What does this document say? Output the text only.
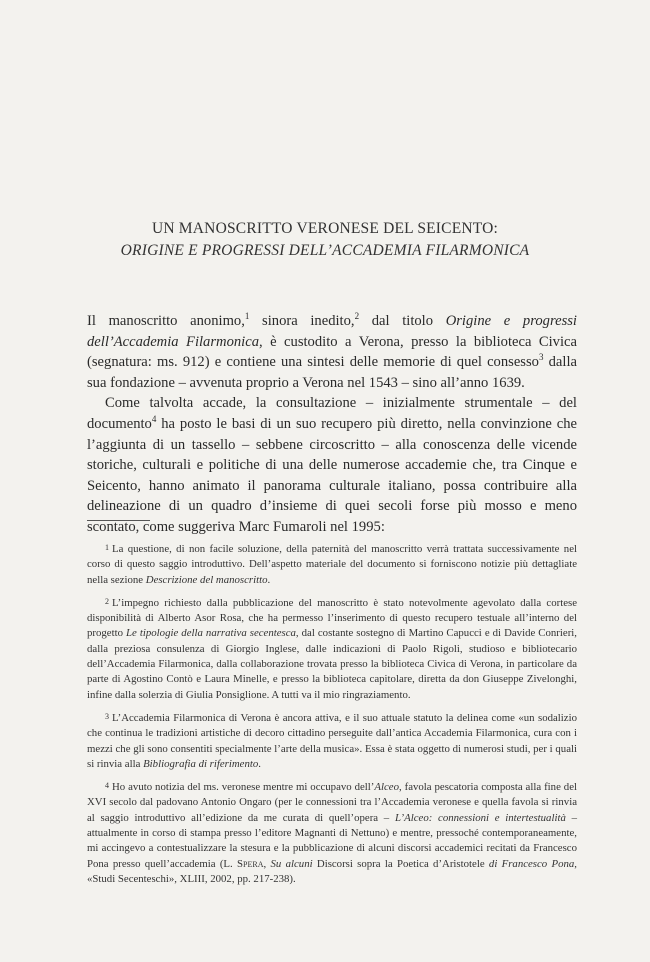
UN MANOSCRITTO VERONESE DEL SEICENTO:
ORIGINE E PROGRESSI DELL’ACCADEMIA FILARMONICA

Il manoscritto anonimo,$^1$ sinora inedito,$^2$ dal titolo Origine e progressi dell’Accademia Filarmonica, è custodito a Verona, presso la biblioteca Civica (segnatura: ms. 912) e contiene una sintesi delle memorie di quel consesso$^3$ dalla sua fondazione – avvenuta proprio a Verona nel 1543 – sino all’anno 1639.

Come talvolta accade, la consultazione – inizialmente strumentale – del documento$^4$ ha posto le basi di un suo recupero più diretto, nella convinzione che l’aggiunta di un tassello – sebbene circoscritto – alla conoscenza delle vicende storiche, culturali e politiche di una delle numerose accademie che, tra Cinque e Seicento, hanno animato il panorama culturale italiano, possa contribuire alla delineazione di un quadro d’insieme di quei secoli forse più mosso e meno scontato, come suggeriva Marc Fumaroli nel 1995:

1 La questione, di non facile soluzione, della paternità del manoscritto verrà trattata successivamente nel corso di questo saggio introduttivo. Dell’aspetto materiale del documento si forniscono notizie più dettagliate nella sezione Descrizione del manoscritto.

2 L’impegno richiesto dalla pubblicazione del manoscritto è stato notevolmente agevolato dalla cortese disponibilità di Alberto Asor Rosa, che ha permesso l’inserimento di questo recupero testuale all’interno del progetto Le tipologie della narrativa secentesca, dal costante sostegno di Martino Capucci e di Davide Conrieri, dalla preziosa consulenza di Giorgio Inglese, dalle indicazioni di Paolo Rigoli, studioso e bibliotecario dell’Accademia Filarmonica, dalla collaborazione trovata presso la biblioteca Civica di Verona, in particolare da parte di Agostino Contò e Laura Minelle, e presso la biblioteca capitolare, diretta da don Giuseppe Zivelonghi, infine dalla solerzia di Giulia Ponsiglione. A tutti va il mio ringraziamento.

3 L’Accademia Filarmonica di Verona è ancora attiva, e il suo attuale statuto la delinea come «un sodalizio che continua le tradizioni artistiche di decoro cittadino perseguite dall’antica Accademia Filarmonica, cura con i mezzi che gli sono consentiti specialmente l’arte della musica». Essa è stata oggetto di numerosi studi, per i quali si rinvia alla Bibliografia di riferimento.

4 Ho avuto notizia del ms. veronese mentre mi occupavo dell’Alceo, favola pescatoria composta alla fine del XVI secolo dal padovano Antonio Ongaro (per le connessioni tra l’Accademia veronese e quella favola si rinvia al saggio introduttivo all’edizione da me curata di quell’opera – L’Alceo: connessioni e intertestualità – attualmente in corso di stampa presso l’editore Magnanti di Nettuno) e mentre, pressoché contemporaneamente, mi accingevo a contestualizzare la stesura e la pubblicazione di alcuni discorsi accademici recitati da Francesco Pona presso quell’accademia (L. Spera, Su alcuni Discorsi sopra la Poetica d’Aristotele di Francesco Pona, «Studi Secenteschi», XLIII, 2002, pp. 217-238).
